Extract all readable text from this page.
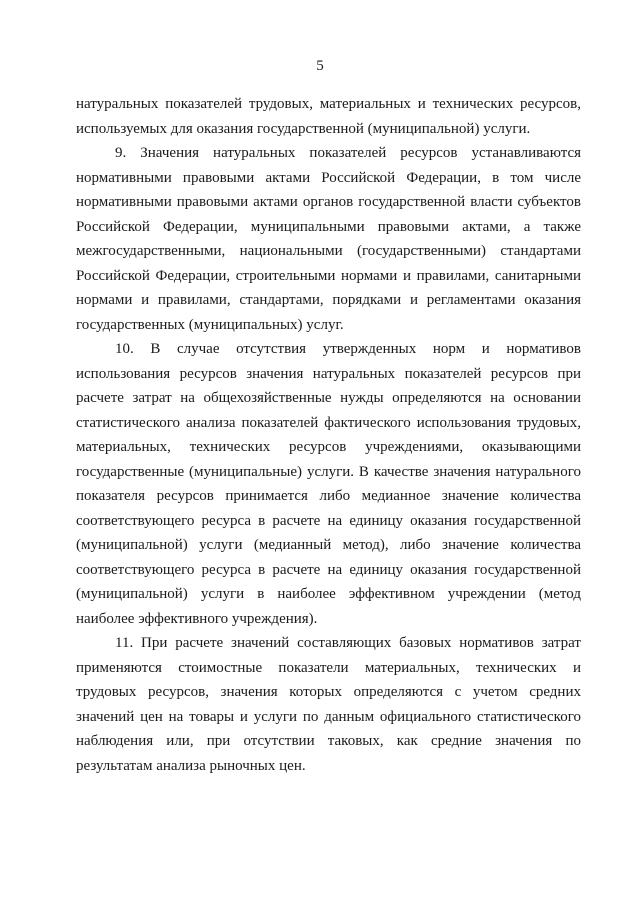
5

натуральных показателей трудовых, материальных и технических ресурсов, используемых для оказания государственной (муниципальной) услуги.

9. Значения натуральных показателей ресурсов устанавливаются нормативными правовыми актами Российской Федерации, в том числе нормативными правовыми актами органов государственной власти субъектов Российской Федерации, муниципальными правовыми актами, а также межгосударственными, национальными (государственными) стандартами Российской Федерации, строительными нормами и правилами, санитарными нормами и правилами, стандартами, порядками и регламентами оказания государственных (муниципальных) услуг.

10. В случае отсутствия утвержденных норм и нормативов использования ресурсов значения натуральных показателей ресурсов при расчете затрат на общехозяйственные нужды определяются на основании статистического анализа показателей фактического использования трудовых, материальных, технических ресурсов учреждениями, оказывающими государственные (муниципальные) услуги. В качестве значения натурального показателя ресурсов принимается либо медианное значение количества соответствующего ресурса в расчете на единицу оказания государственной (муниципальной) услуги (медианный метод), либо значение количества соответствующего ресурса в расчете на единицу оказания государственной (муниципальной) услуги в наиболее эффективном учреждении (метод наиболее эффективного учреждения).

11. При расчете значений составляющих базовых нормативов затрат применяются стоимостные показатели материальных, технических и трудовых ресурсов, значения которых определяются с учетом средних значений цен на товары и услуги по данным официального статистического наблюдения или, при отсутствии таковых, как средние значения по результатам анализа рыночных цен.
